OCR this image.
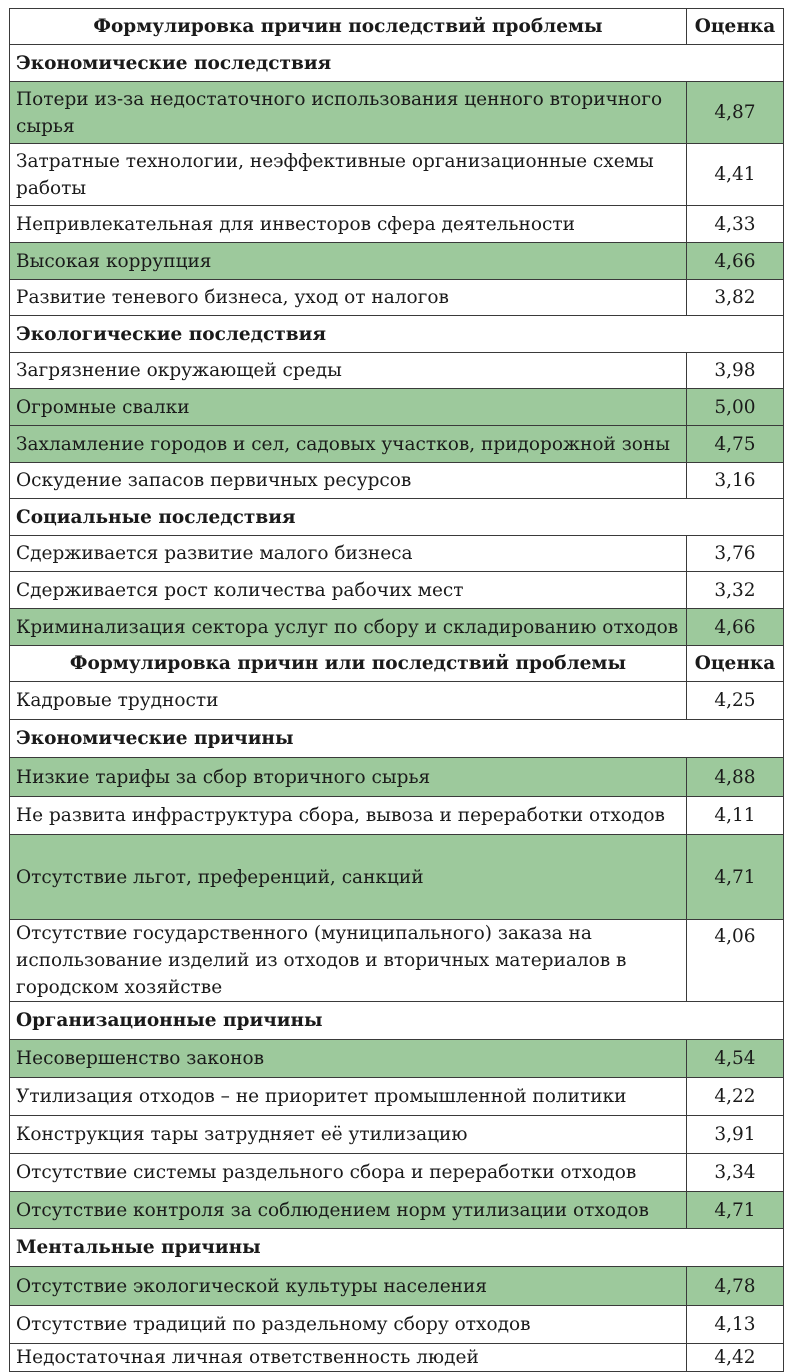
Формулировка причин последствий проблемы	Оценка
Экономические последствия	
Потери из-за недостаточного использования ценного вторичного сырья	4,87
Затратные технологии, неэффективные организационные схемы работы	4,41
Непривлекательная для инвесторов сфера деятельности	4,33
Высокая коррупция	4,66
Развитие теневого бизнеса, уход от налогов	3,82
Экологические последствия	
Загрязнение окружающей среды	3,98
Огромные свалки	5,00
Захламление городов и сел, садовых участков, придорожной зоны	4,75
Оскудение запасов первичных ресурсов	3,16
Социальные последствия	
Сдерживается развитие малого бизнеса	3,76
Сдерживается рост количества рабочих мест	3,32
Криминализация сектора услуг по сбору и складированию отходов	4,66
Формулировка причин или последствий проблемы	Оценка
Кадровые трудности	4,25
Экономические причины	
Низкие тарифы за сбор вторичного сырья	4,88
Не развита инфраструктура сбора, вывоза и переработки отходов	4,11
Отсутствие льгот, преференций, санкций	4,71
Отсутствие государственного (муниципального) заказа на использование изделий из отходов и вторичных материалов в городском хозяйстве	4,06
Организационные причины	
Несовершенство законов	4,54
Утилизация отходов – не приоритет промышленной политики	4,22
Конструкция тары затрудняет её утилизацию	3,91
Отсутствие системы раздельного сбора и переработки отходов	3,34
Отсутствие контроля за соблюдением норм утилизации отходов	4,71
Ментальные причины	
Отсутствие экологической культуры населения	4,78
Отсутствие традиций по раздельному сбору отходов	4,13
Недостаточная личная ответственность людей	4,42
